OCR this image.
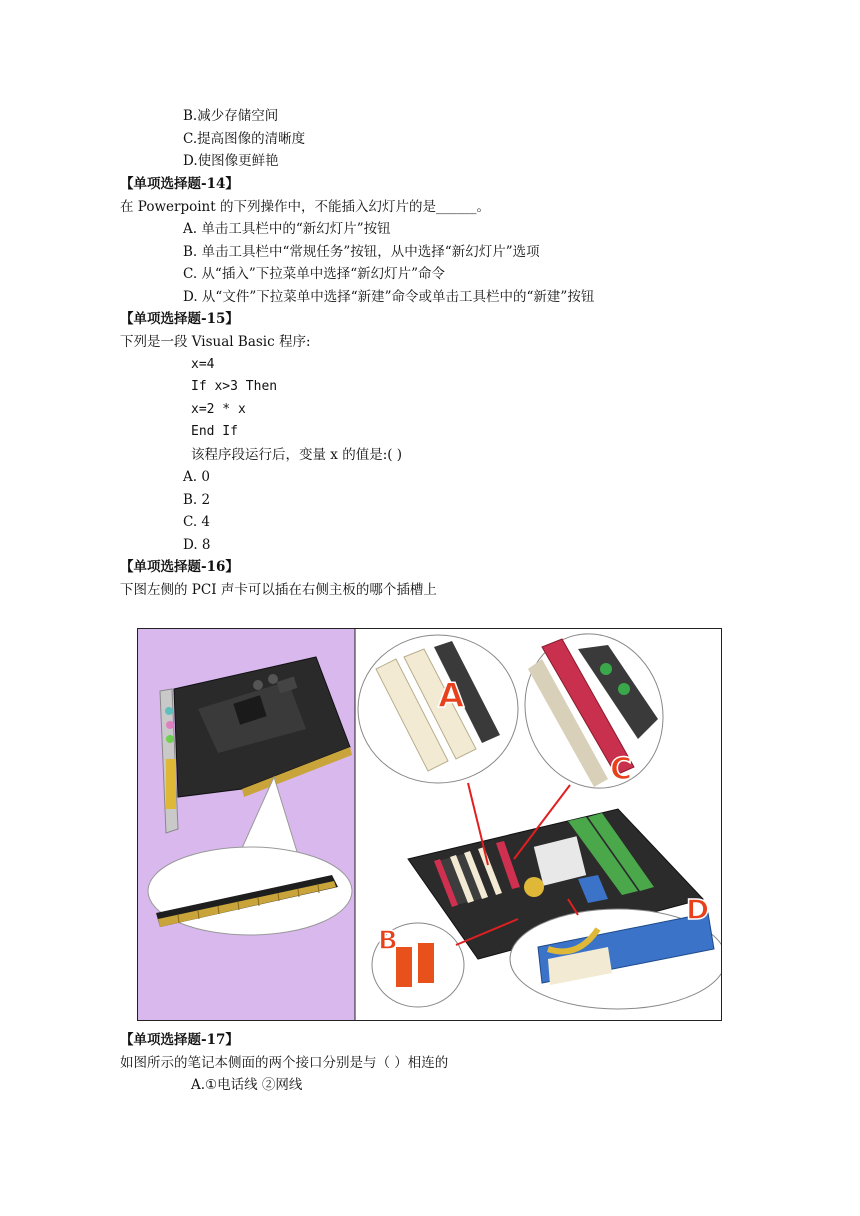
B.减少存储空间
C.提高图像的清晰度
D.使图像更鲜艳
【单项选择题-14】
在 Powerpoint 的下列操作中，不能插入幻灯片的是______。
A. 单击工具栏中的“新幻灯片”按钮
B. 单击工具栏中“常规任务”按钮，从中选择“新幻灯片”选项
C. 从“插入”下拉菜单中选择“新幻灯片”命令
D. 从“文件”下拉菜单中选择“新建”命令或单击工具栏中的“新建”按钮
【单项选择题-15】
下列是一段 Visual Basic 程序:
x=4
If x>3 Then
x=2 * x
End If
该程序段运行后，变量 x 的值是:( )
A. 0
B. 2
C. 4
D. 8
【单项选择题-16】
下图左侧的 PCI 声卡可以插在右侧主板的哪个插槽上
A
C
B
D
【单项选择题-17】
如图所示的笔记本侧面的两个接口分别是与（ ）相连的
A.①电话线 ②网线
